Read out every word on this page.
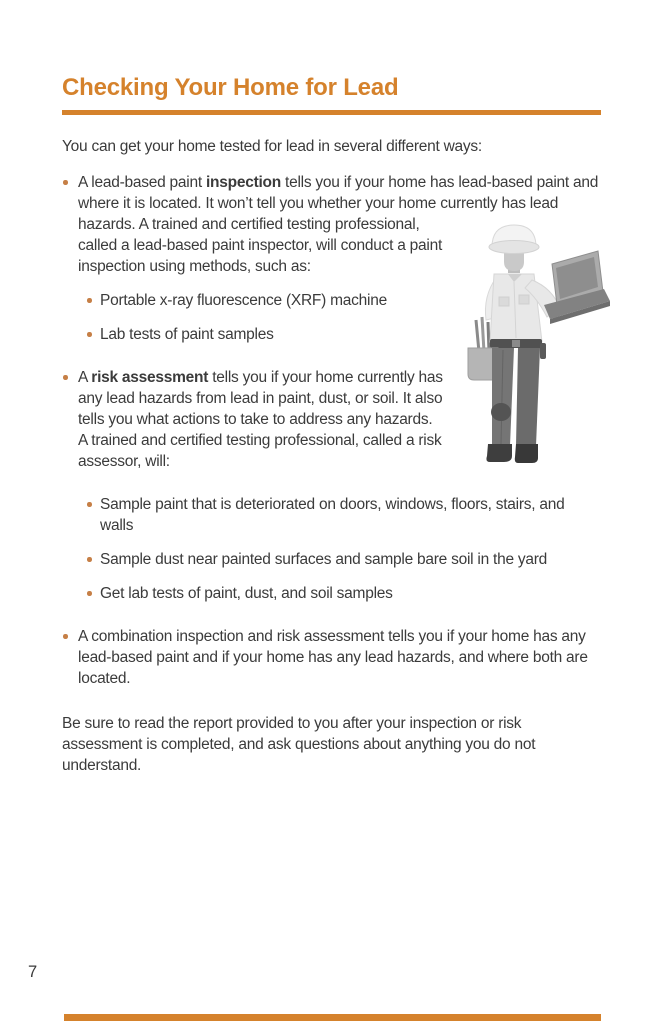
Checking Your Home for Lead

You can get your home tested for lead in several different ways:

A lead-based paint inspection tells you if your home has lead-based paint and where it is located. It won’t tell you whether your home currently has lead hazards. A trained and certified testing
professional, called a lead-based paint inspector, will conduct a paint inspection using methods, such as:

Portable x-ray fluorescence (XRF) machine

Lab tests of paint samples

A risk assessment tells you if your home currently has any lead hazards from lead in paint, dust, or soil. It also tells you what actions to take to address any hazards. A trained and certified testing professional, called a risk assessor, will:

Sample paint that is deteriorated on doors, windows, floors, stairs, and walls

Sample dust near painted surfaces and sample bare soil in the yard

Get lab tests of paint, dust, and soil samples

A combination inspection and risk assessment tells you if your home has any lead-based paint and if your home has any lead hazards, and where both are located.

Be sure to read the report provided to you after your inspection or risk assessment is completed, and ask questions about anything you do not understand.

7
